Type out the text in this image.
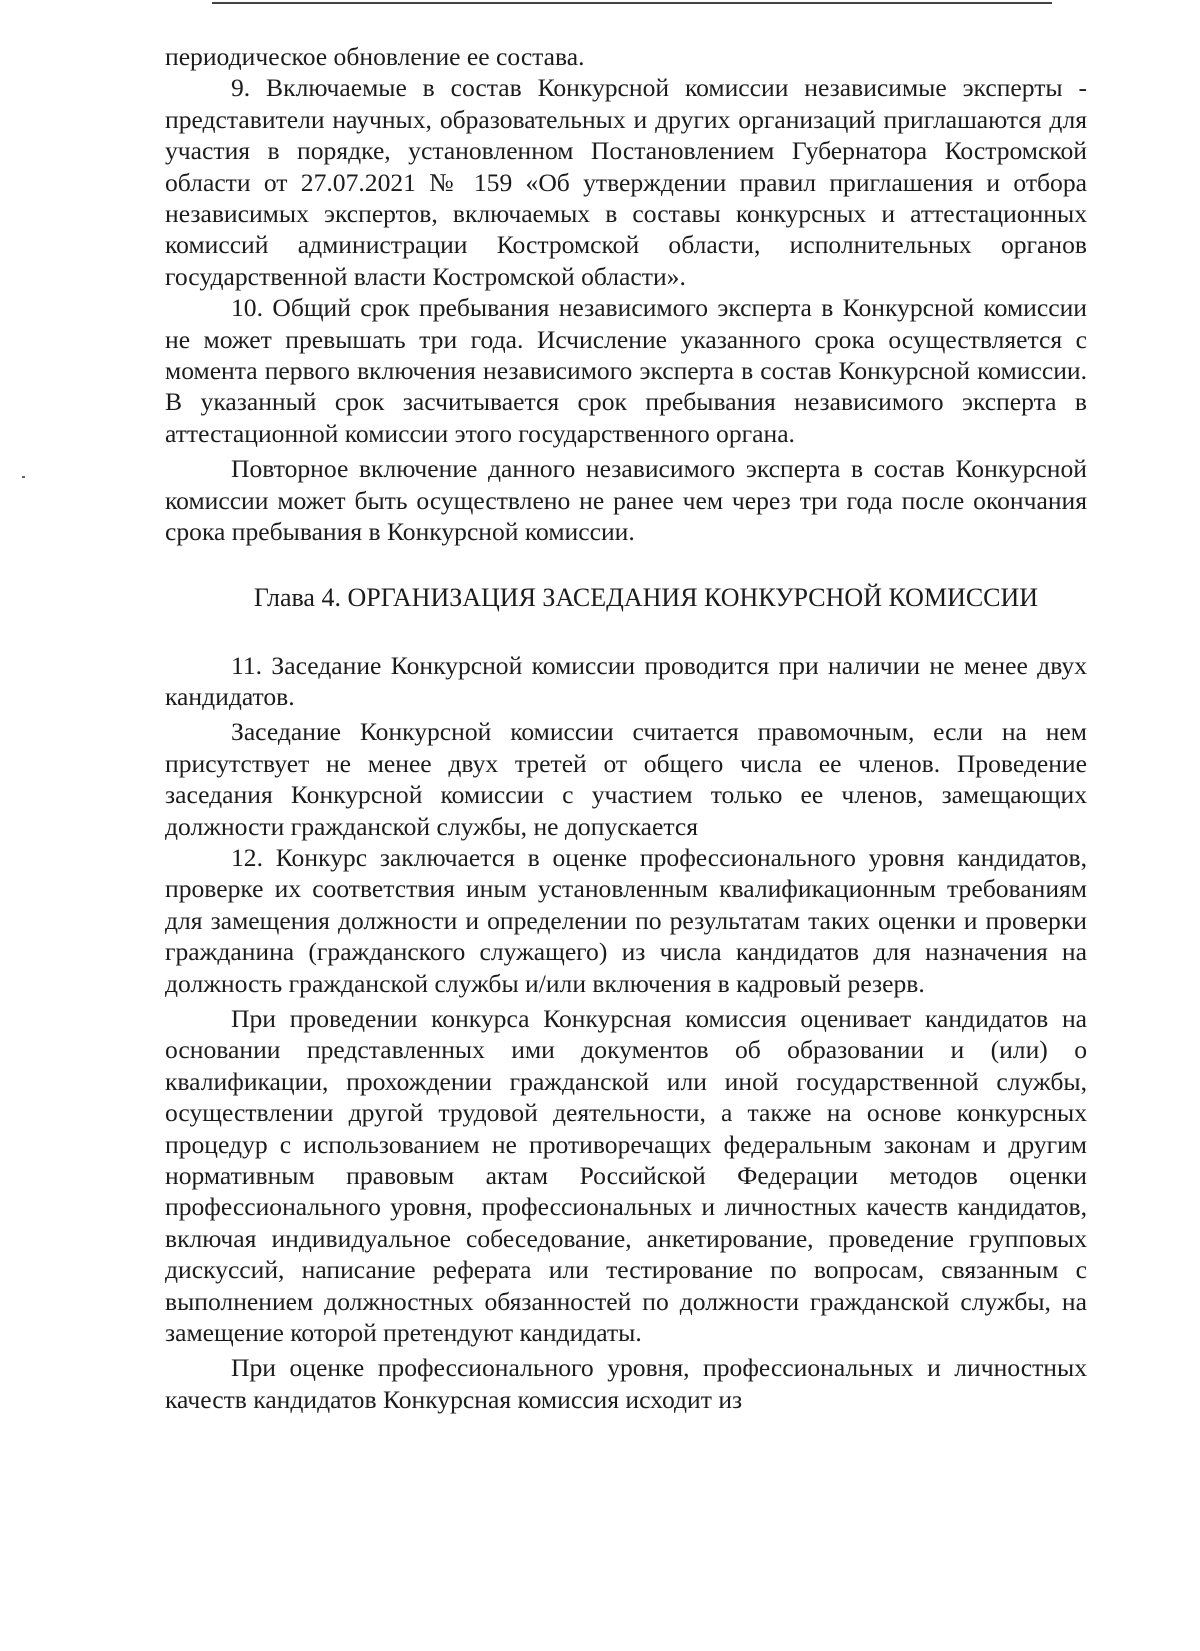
периодическое обновление ее состава.

9. Включаемые в состав Конкурсной комиссии независимые эксперты - представители научных, образовательных и других организаций приглашаются для участия в порядке, установленном Постановлением Губернатора Костромской области от 27.07.2021 № 159 «Об утверждении правил приглашения и отбора независимых экспертов, включаемых в составы конкурсных и аттестационных комиссий администрации Костромской области, исполнительных органов государственной власти Костромской области».

10. Общий срок пребывания независимого эксперта в Конкурсной комиссии не может превышать три года. Исчисление указанного срока осуществляется с момента первого включения независимого эксперта в состав Конкурсной комиссии. В указанный срок засчитывается срок пребывания независимого эксперта в аттестационной комиссии этого государственного органа.

Повторное включение данного независимого эксперта в состав Конкурсной комиссии может быть осуществлено не ранее чем через три года после окончания срока пребывания в Конкурсной комиссии.

Глава 4. ОРГАНИЗАЦИЯ ЗАСЕДАНИЯ КОНКУРСНОЙ КОМИССИИ

11. Заседание Конкурсной комиссии проводится при наличии не менее двух кандидатов.

Заседание Конкурсной комиссии считается правомочным, если на нем присутствует не менее двух третей от общего числа ее членов. Проведение заседания Конкурсной комиссии с участием только ее членов, замещающих должности гражданской службы, не допускается

12. Конкурс заключается в оценке профессионального уровня кандидатов, проверке их соответствия иным установленным квалификационным требованиям для замещения должности и определении по результатам таких оценки и проверки гражданина (гражданского служащего) из числа кандидатов для назначения на должность гражданской службы и/или включения в кадровый резерв.

При проведении конкурса Конкурсная комиссия оценивает кандидатов на основании представленных ими документов об образовании и (или) о квалификации, прохождении гражданской или иной государственной службы, осуществлении другой трудовой деятельности, а также на основе конкурсных процедур с использованием не противоречащих федеральным законам и другим нормативным правовым актам Российской Федерации методов оценки профессионального уровня, профессиональных и личностных качеств кандидатов, включая индивидуальное собеседование, анкетирование, проведение групповых дискуссий, написание реферата или тестирование по вопросам, связанным с выполнением должностных обязанностей по должности гражданской службы, на замещение которой претендуют кандидаты.

При оценке профессионального уровня, профессиональных и личностных качеств кандидатов Конкурсная комиссия исходит из
